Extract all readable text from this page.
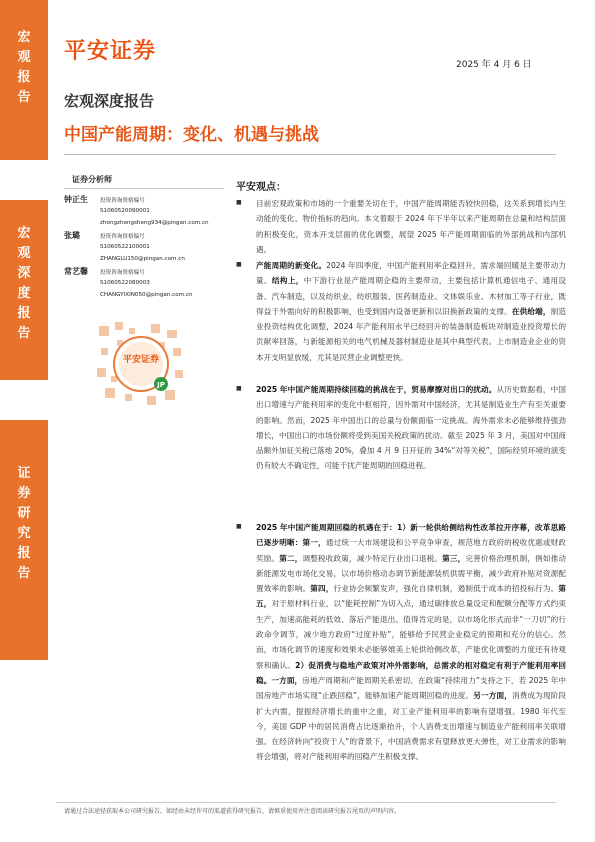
宏观报告
宏观深度报告
证券研究报告
平安证券
2025 年 4 月 6 日
宏观深度报告
中国产能周期：变化、机遇与挑战
证券分析师
钟正生 投资咨询资格编号
S1060520090001
zhongzhengsheng934@pingan.com.cn
张璐	投资咨询资格编号
S1060522100001
ZHANGLU150@pingan.com.cn
常艺馨 投资咨询资格编号
S1060522080003
CHANGYIXIN050@pingan.com.cn
平安证券
JP
平安观点：
■ 目前宏观政策和市场的一个重要关切在于，中国产能周期能否较快回稳，这关系到增长内生动能的变化、物价指标的趋向。本文着眼于 2024 年下半年以来产能周期在总量和结构层面的积极变化，资本开支层面的优化调整，展望 2025 年产能周期面临的外部挑战和内部机遇。
■ 产能周期的新变化。2024 年四季度，中国产能利用率企稳回升，需求端回暖是主要带动力量。结构上，中下游行业是产能周期企稳的主要带动，主要包括计算机通信电子、通用设备、汽车制造，以及纺织业、纺织服装、医药制造业、文体娱乐业、木材加工等子行业，既得益于外需向好的积极影响，也受到国内设备更新和以旧换新政策的支撑。在供给端，制造业投资结构优化调整，2024 年产能利用水平已经回升的装备制造板块对制造业投资增长的贡献率回落，与新能源相关的电气机械及器材制造业是其中典型代表。上市制造业企业的资本开支明显放缓，尤其是民营企业调整更快。
■ 2025 年中国产能周期持续回稳的挑战在于，贸易摩擦对出口的扰动。从历史数据看，中国出口增速与产能利用率的变化中枢相符，因外需对中国经济，尤其是制造业生产有至关重要的影响。然而，2025 年中国出口的总量与份额面临一定挑战。海外需求未必能够维持强劲增长，中国出口的市场份额将受到美国关税政策的扰动。截至 2025 年 3 月，美国对中国商品额外加征关税已落地 20%，叠加 4 月 9 日开征的 34%“对等关税”，国际经贸环境的演变仍有较大不确定性，可能干扰产能周期的回稳进程。
■ 2025 年中国产能周期回稳的机遇在于：1）新一轮供给侧结构性改革拉开序幕，改革思路已逐步明晰：第一，通过统一大市场建设和公平竞争审查，规范地方政府的税收优惠或财政奖励。第二，调整税收政策，减少特定行业出口退税。第三，完善价格治理机制，例如推动新能源发电市场化交易，以市场价格动态调节新能源装机供需平衡，减少政府补贴对资源配置效率的影响。第四，行业协会频繁发声，强化自律机制，遏制低于成本的招投标行为。第五，对于原材料行业，以“能耗控制”为切入点，通过碳排放总量设定和配额分配等方式约束生产，加速高能耗的低效、落后产能退出。值得肯定的是，以市场化形式而非“一刀切”的行政命令调节，减少地方政府“过度补贴”，能够给予民营企业稳定的预期和充分的信心。然而，市场化调节的速度和效果未必能够媲美上轮供给侧改革，产能优化调整的力度还有待观察和确认。2）促消费与稳地产政策对冲外需影响，总需求的相对稳定有利于产能利用率回稳。一方面，房地产周期和产能周期关系密切。在政策“持续用力”支持之下，若 2025 年中国房地产市场实现“止跌回稳”，能够加速产能周期回稳的进度。另一方面，消费成为现阶段扩大内需，提振经济增长的重中之重，对工业产能利用率的影响有望增强。1980 年代至今，美国 GDP 中的居民消费占比逐渐抬升，个人消费支出增速与制造业产能利用率关联增强。在经济转向“投资于人”的背景下，中国消费需求有望释放更大弹性，对工业需求的影响将会增强，将对产能利用率的回稳产生积极支撑。
请通过合法途径获取本公司研究报告，如经由未经许可的渠道获得研究报告，请慎重使用并注意阅读研究报告尾页的声明内容。
